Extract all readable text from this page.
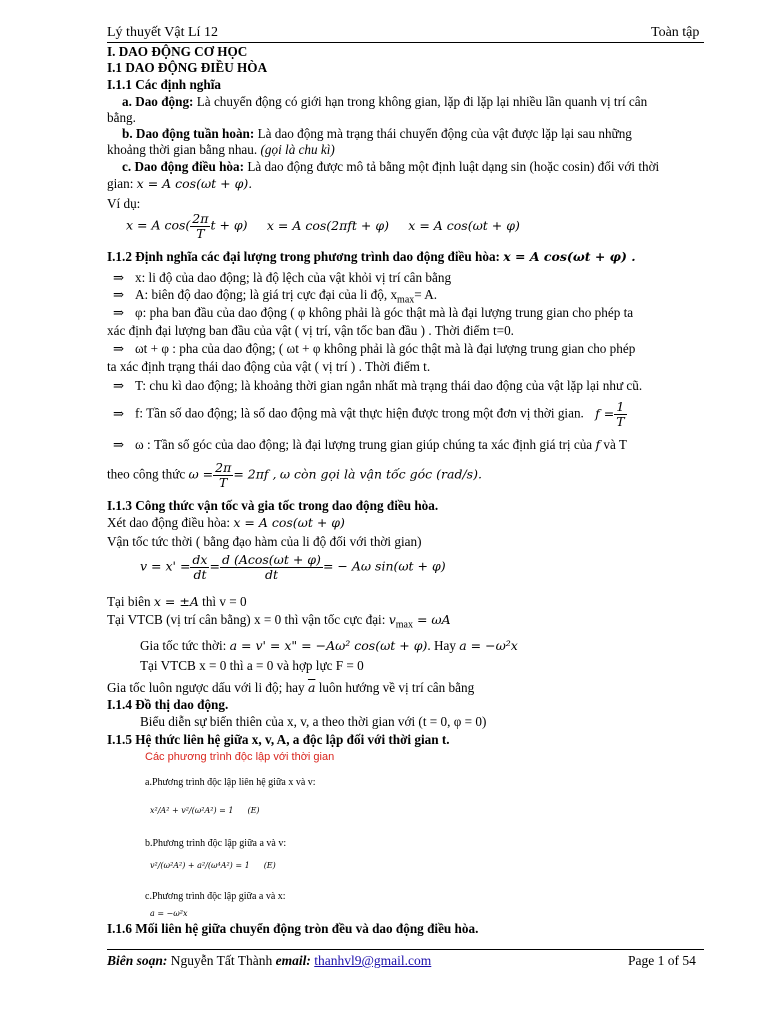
Lý thuyết Vật Lí 12	Toàn tập
I. DAO ĐỘNG CƠ HỌC
I.1 DAO ĐỘNG ĐIỀU HÒA
I.1.1 Các định nghĩa
a. Dao động: Là chuyển động có giới hạn trong không gian, lặp đi lặp lại nhiều lần quanh vị trí cân
bằng.
b. Dao động tuần hoàn: Là dao động mà trạng thái chuyển động của vật được lặp lại sau những
khoảng thời gian bằng nhau. (gọi là chu kì)
c. Dao động điều hòa: Là dao động được mô tả bằng một định luật dạng sin (hoặc cosin) đối với thời
gian: x = A cos(ωt + φ).
Ví dụ:
x = A $\cos( \frac{2\pi}{T}$ t + φ) x = A cos(2πft + φ) x = A cos(ωt + φ)
I.1.2 Định nghĩa các đại lượng trong phương trình dao động điều hòa: x = A cos(ωt + φ) .
⇒ x: li độ của dao động; là độ lệch của vật khỏi vị trí cân bằng
⇒ A: biên độ dao động; là giá trị cực đại của li độ, $x_{max}= A$.
⇒ φ: pha ban đầu của dao động ( φ không phải là góc thật mà là đại lượng trung gian cho phép ta
xác định đại lượng ban đầu của vật ( vị trí, vận tốc ban đầu ) . Thời điểm t=0.
⇒ ωt + φ : pha của dao động; ( ωt + φ không phải là góc thật mà là đại lượng trung gian cho phép
ta xác định trạng thái dao động của vật ( vị trí ) . Thời điểm t.
⇒ T: chu kì dao động; là khoảng thời gian ngắn nhất mà trạng thái dao động của vật lặp lại như cũ.
⇒ f: Tần số dao động; là số dao động mà vật thực hiện được trong một đơn vị thời gian. $f = \frac{1}{T}$
⇒ ω : Tần số góc của dao động; là đại lượng trung gian giúp chúng ta xác định giá trị của f và T
theo công thức $\omega = \frac{2\pi}{T} = 2\pi f$ , ω còn gọi là vận tốc góc (rad/s).
I.1.3 Công thức vận tốc và gia tốc trong dao động điều hòa.
Xét dao động điều hòa: x = A cos(ωt + φ)
Vận tốc tức thời ( bằng đạo hàm của li độ đối với thời gian)
$v = x' = \frac{dx}{dt} = \frac{d (Acos(\omega t + \varphi)}{dt}$ = − Aω sin(ωt + φ)
Tại biên x = ±A thì v = 0
Tại VTCB (vị trí cân bằng) x = 0 thì vận tốc cực đại: $v_{max} = \omega A$
Gia tốc tức thời: a = v' = x" = −Aω² cos(ωt + φ). Hay a = −ω²x
Tại VTCB x = 0 thì a = 0 và hợp lực F = 0
Gia tốc luôn ngược dấu với li độ; hay $\overline{a}$ luôn hướng về vị trí cân bằng
I.1.4 Đồ thị dao động.
Biểu diễn sự biến thiên của x, v, a theo thời gian với (t = 0, φ = 0)
I.1.5 Hệ thức liên hệ giữa x, v, A, a độc lập đối với thời gian t.
Các phương trình độc lập với thời gian
a.Phương trình độc lập liên hệ giữa x và v:
x²/A² + v²/(ω²A²) = 1 (E)
b.Phương trình độc lập giữa a và v:
v²/(ω²A²) + a²/(ω⁴A²) = 1 (E)
c.Phương trình độc lập giữa a và x:
a = −ω²x
I.1.6 Mối liên hệ giữa chuyển động tròn đều và dao động điều hòa.
Biên soạn: Nguyễn Tất Thành email: thanhvl9@gmail.com	Page 1 of 54
